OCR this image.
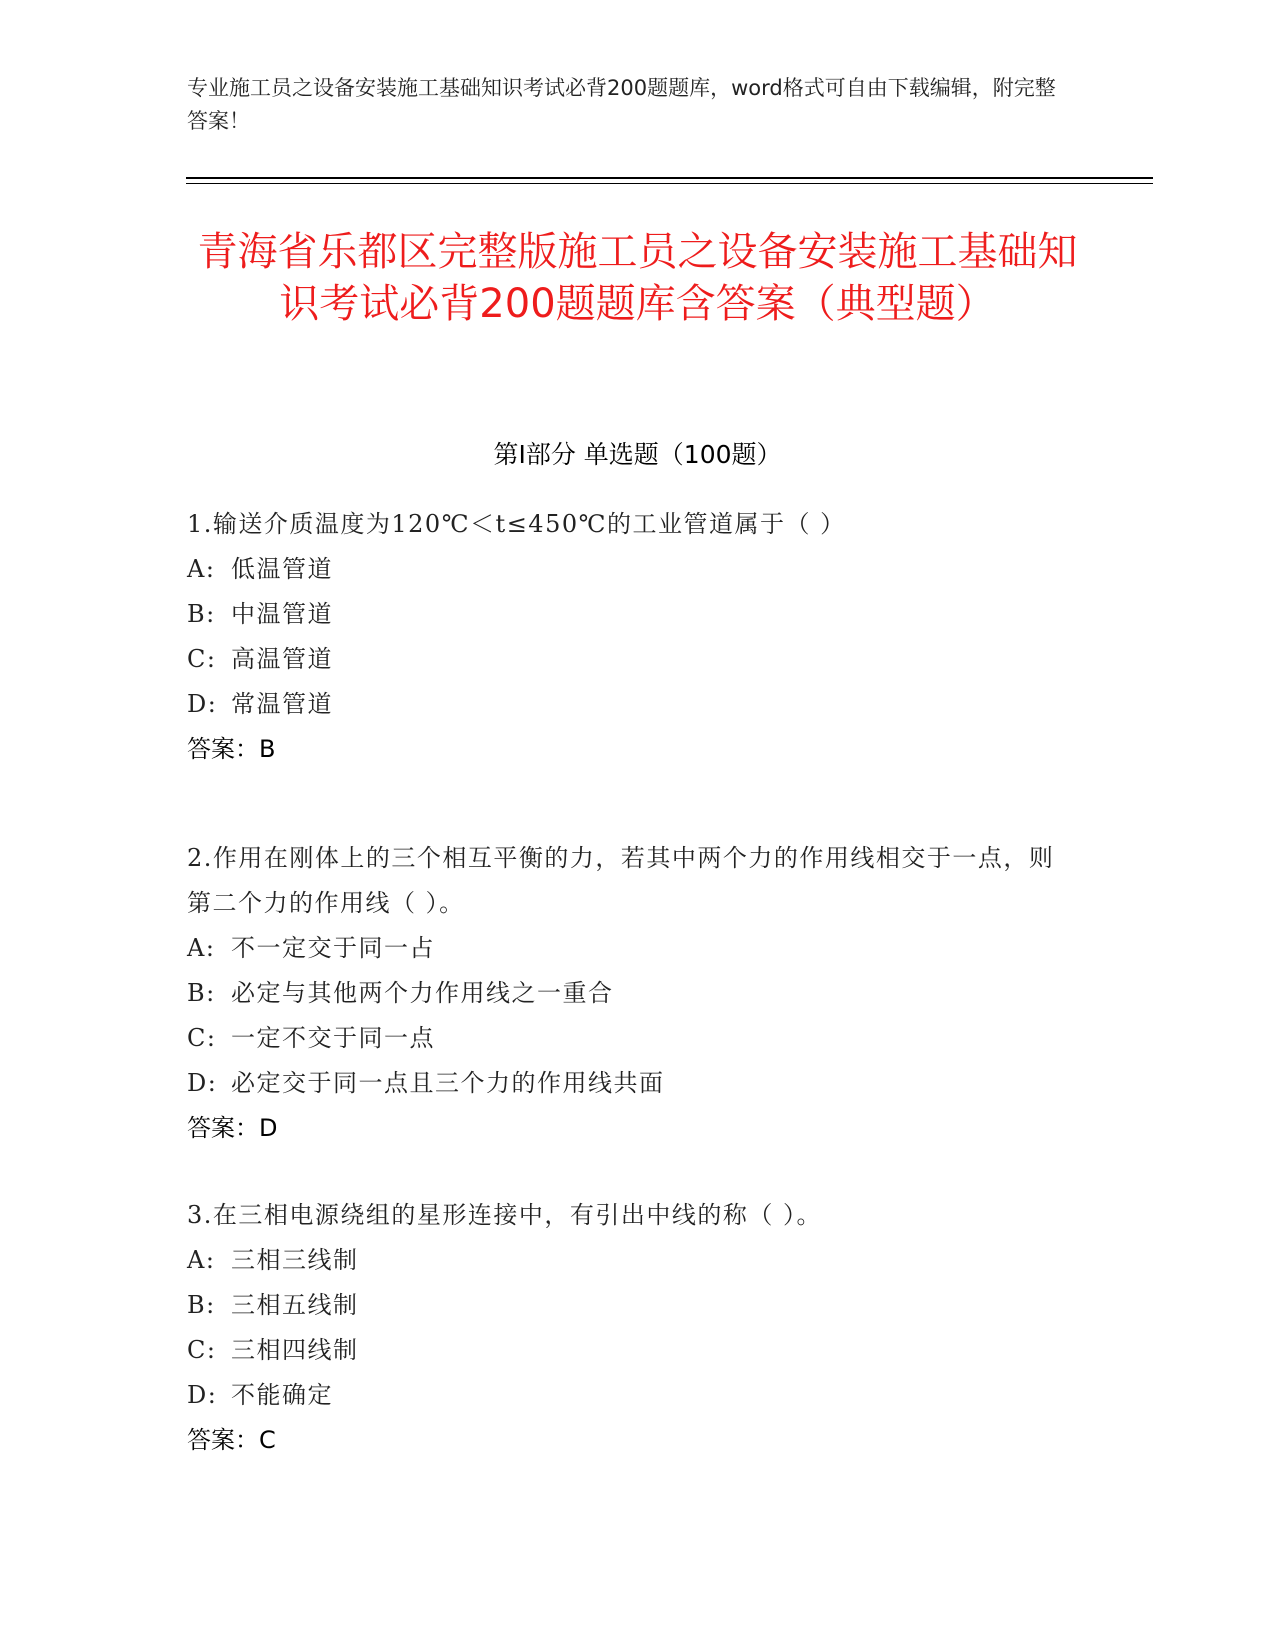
专业施工员之设备安装施工基础知识考试必背200题题库，word格式可自由下载编辑，附完整答案！
青海省乐都区完整版施工员之设备安装施工基础知识考试必背200题题库含答案（典型题）
第Ⅰ部分 单选题（100题）
1.输送介质温度为120℃＜t≤450℃的工业管道属于（ ）
A: 低温管道
B: 中温管道
C: 高温管道
D: 常温管道
答案：B
2.作用在刚体上的三个相互平衡的力，若其中两个力的作用线相交于一点，则第二个力的作用线（ ）。
A: 不一定交于同一占
B: 必定与其他两个力作用线之一重合
C: 一定不交于同一点
D: 必定交于同一点且三个力的作用线共面
答案：D
3.在三相电源绕组的星形连接中，有引出中线的称（ ）。
A: 三相三线制
B: 三相五线制
C: 三相四线制
D: 不能确定
答案：C
